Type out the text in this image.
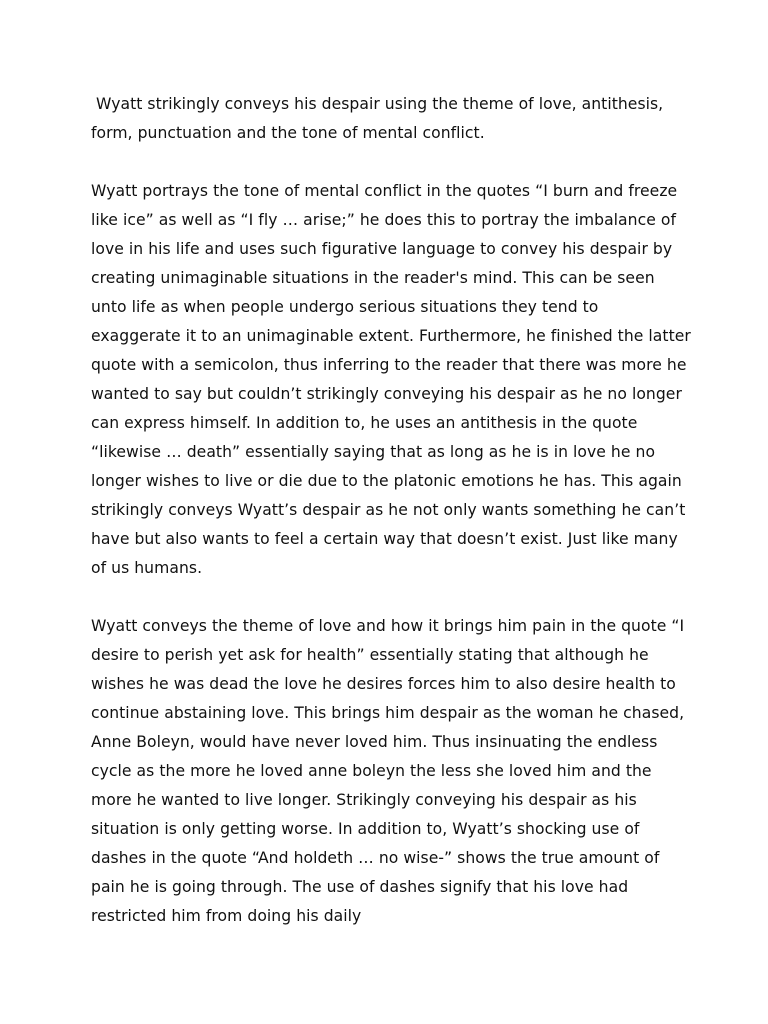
Wyatt strikingly conveys his despair using the theme of love, antithesis, form, punctuation and the tone of mental conflict.

Wyatt portrays the tone of mental conflict in the quotes “I burn and freeze like ice” as well as “I fly … arise;” he does this to portray the imbalance of love in his life and uses such figurative language to convey his despair by creating unimaginable situations in the reader's mind. This can be seen unto life as when people undergo serious situations they tend to exaggerate it to an unimaginable extent. Furthermore, he finished the latter quote with a semicolon, thus inferring to the reader that there was more he wanted to say but couldn’t strikingly conveying his despair as he no longer can express himself. In addition to, he uses an antithesis in the quote “likewise … death” essentially saying that as long as he is in love he no longer wishes to live or die due to the platonic emotions he has. This again strikingly conveys Wyatt’s despair as he not only wants something he can’t have but also wants to feel a certain way that doesn’t exist. Just like many of us humans.

Wyatt conveys the theme of love and how it brings him pain in the quote “I desire to perish yet ask for health” essentially stating that although he wishes he was dead the love he desires forces him to also desire health to continue abstaining love. This brings him despair as the woman he chased, Anne Boleyn, would have never loved him. Thus insinuating the endless cycle as the more he loved anne boleyn the less she loved him and the more he wanted to live longer. Strikingly conveying his despair as his situation is only getting worse. In addition to, Wyatt’s shocking use of dashes in the quote “And holdeth … no wise-” shows the true amount of pain he is going through. The use of dashes signify that his love had restricted him from doing his daily
